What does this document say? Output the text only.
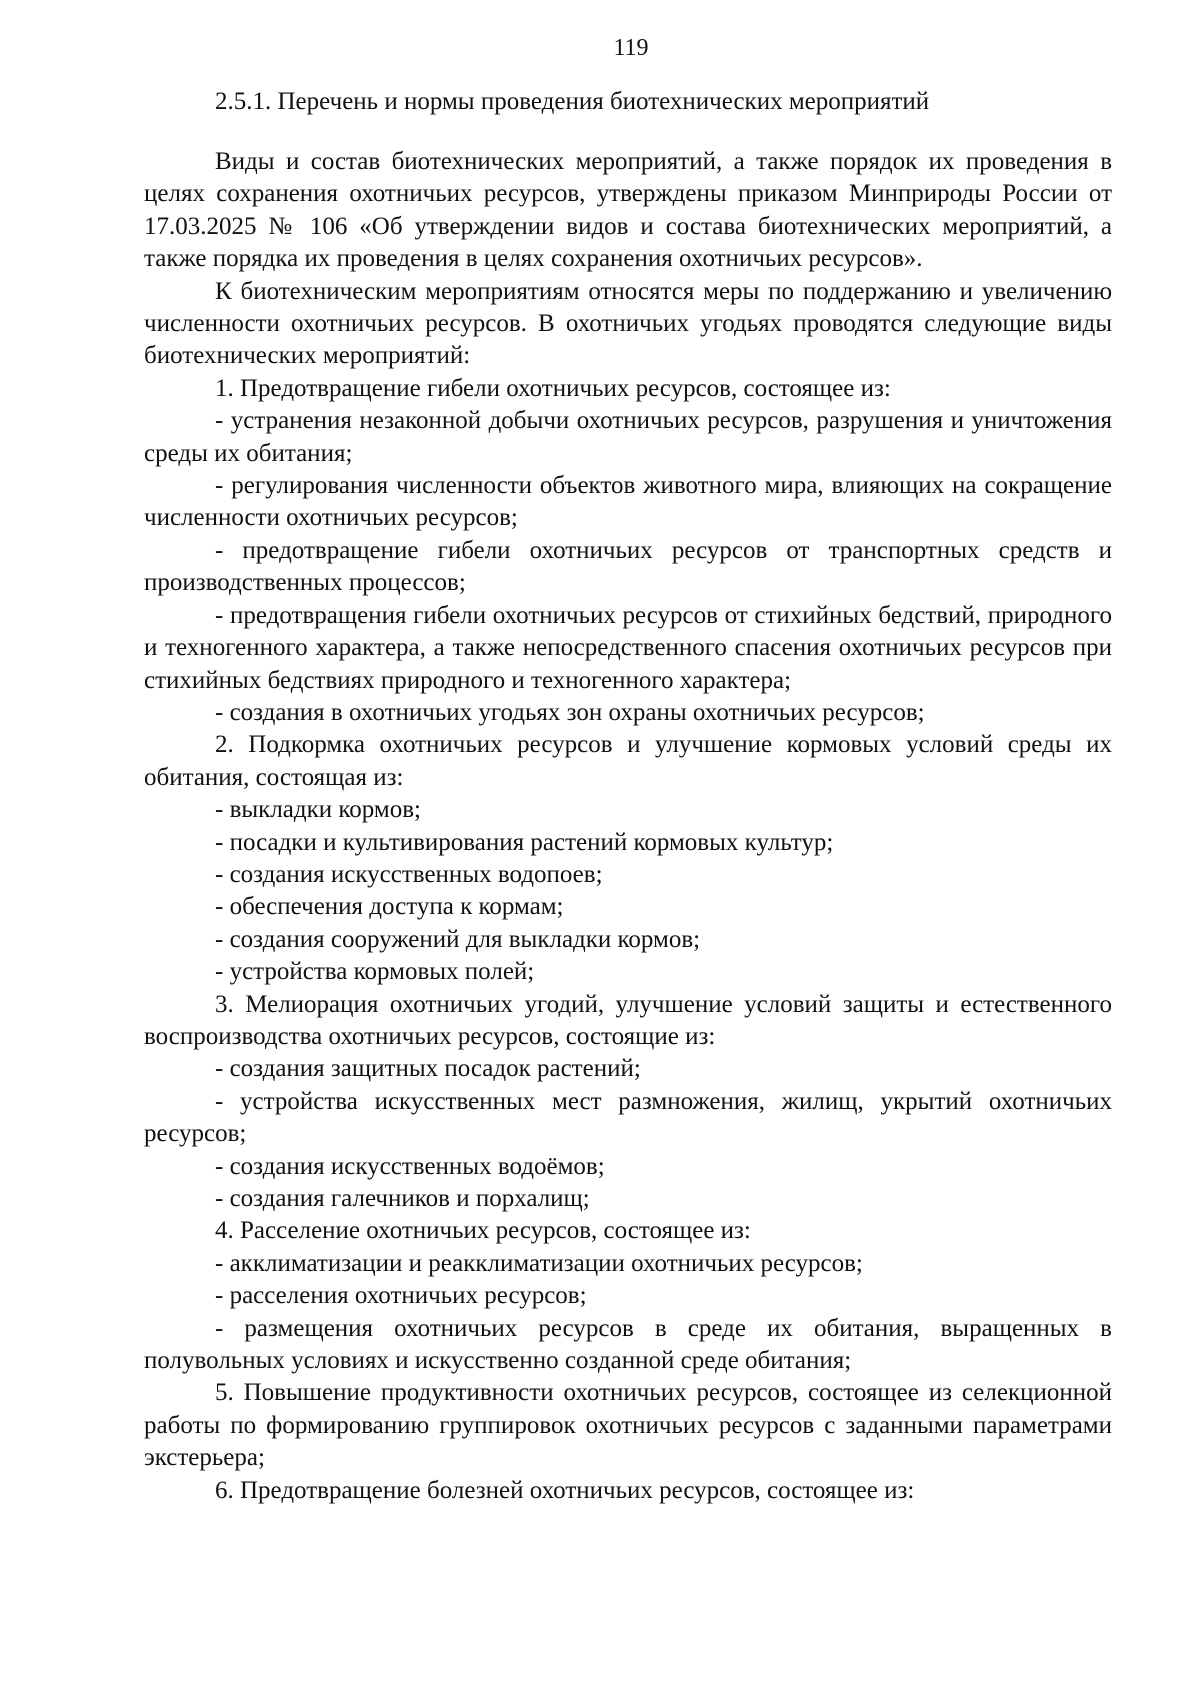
119
2.5.1. Перечень и нормы проведения биотехнических мероприятий

Виды и состав биотехнических мероприятий, а также порядок их проведения в целях сохранения охотничьих ресурсов, утверждены приказом Минприроды России от 17.03.2025 № 106 «Об утверждении видов и состава биотехнических мероприятий, а также порядка их проведения в целях сохранения охотничьих ресурсов».

К биотехническим мероприятиям относятся меры по поддержанию и увеличению численности охотничьих ресурсов. В охотничьих угодьях проводятся следующие виды биотехнических мероприятий:

1. Предотвращение гибели охотничьих ресурсов, состоящее из:

- устранения незаконной добычи охотничьих ресурсов, разрушения и уничтожения среды их обитания;

- регулирования численности объектов животного мира, влияющих на сокращение численности охотничьих ресурсов;

- предотвращение гибели охотничьих ресурсов от транспортных средств и производственных процессов;

- предотвращения гибели охотничьих ресурсов от стихийных бедствий, природного и техногенного характера, а также непосредственного спасения охотничьих ресурсов при стихийных бедствиях природного и техногенного характера;

- создания в охотничьих угодьях зон охраны охотничьих ресурсов;

2. Подкормка охотничьих ресурсов и улучшение кормовых условий среды их обитания, состоящая из:

- выкладки кормов;

- посадки и культивирования растений кормовых культур;

- создания искусственных водопоев;

- обеспечения доступа к кормам;

- создания сооружений для выкладки кормов;

- устройства кормовых полей;

3. Мелиорация охотничьих угодий, улучшение условий защиты и естественного воспроизводства охотничьих ресурсов, состоящие из:

- создания защитных посадок растений;

- устройства искусственных мест размножения, жилищ, укрытий охотничьих ресурсов;

- создания искусственных водоёмов;

- создания галечников и порхалищ;

4. Расселение охотничьих ресурсов, состоящее из:

- акклиматизации и реакклиматизации охотничьих ресурсов;

- расселения охотничьих ресурсов;

- размещения охотничьих ресурсов в среде их обитания, выращенных в полувольных условиях и искусственно созданной среде обитания;

5. Повышение продуктивности охотничьих ресурсов, состоящее из селекционной работы по формированию группировок охотничьих ресурсов с заданными параметрами экстерьера;

6. Предотвращение болезней охотничьих ресурсов, состоящее из:
